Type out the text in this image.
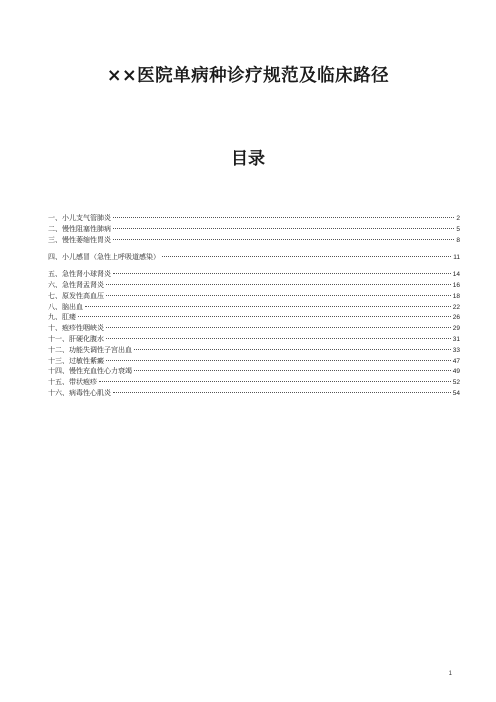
××医院单病种诊疗规范及临床路径
目录
一、小儿支气管肺炎	2
二、慢性阻塞性肺病	5
三、慢性萎缩性胃炎	8
四、小儿感冒（急性上呼吸道感染）	11
五、急性肾小球肾炎	14
六、急性肾盂肾炎	16
七、原发性高血压	18
八、脑出血	22
九、肛瘘	26
十、疱疹性咽峡炎	29
十一、肝硬化腹水	31
十二、功能失调性子宫出血	33
十三、过敏性紫癜	47
十四、慢性充血性心力衰竭	49
十五、带状疱疹	52
十六、病毒性心肌炎	54
1
